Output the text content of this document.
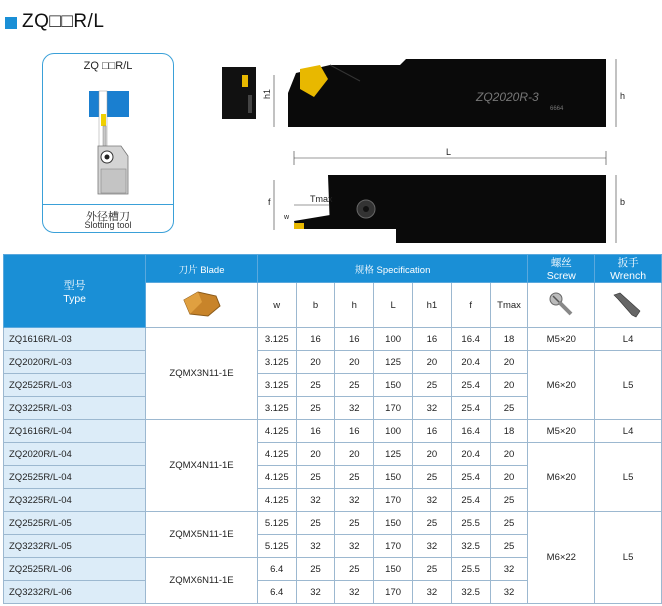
ZQ□□R/L
ZQ □□R/L
外径槽刀
Slotting tool
ZQ2020R-3
6664
h1	h
L
Tmax
f
w
b
型号
Type	刀片 Blade	规格 Specification							螺丝
Screw	扳手
Wrench

	w	b	h	L	h1	f	Tmax		
ZQ1616R/L-03	ZQMX3N11-1E	3.125	16	16	100	16	16.4	18	M5×20	L4
ZQ2020R/L-03		3.125	20	20	125	20	20.4	20	M6×20	L5
ZQ2525R/L-03		3.125	25	25	150	25	25.4	20		
ZQ3225R/L-03		3.125	25	32	170	32	25.4	25		
ZQ1616R/L-04	ZQMX4N11-1E	4.125	16	16	100	16	16.4	18	M5×20	L4
ZQ2020R/L-04		4.125	20	20	125	20	20.4	20	M6×20	L5
ZQ2525R/L-04		4.125	25	25	150	25	25.4	20		
ZQ3225R/L-04		4.125	32	32	170	32	25.4	25		
ZQ2525R/L-05	ZQMX5N11-1E	5.125	25	25	150	25	25.5	25	M6×22	L5
ZQ3232R/L-05		5.125	32	32	170	32	32.5	25		
ZQ2525R/L-06	ZQMX6N11-1E	6.4	25	25	150	25	25.5	32		
ZQ3232R/L-06		6.4	32	32	170	32	32.5	32		
